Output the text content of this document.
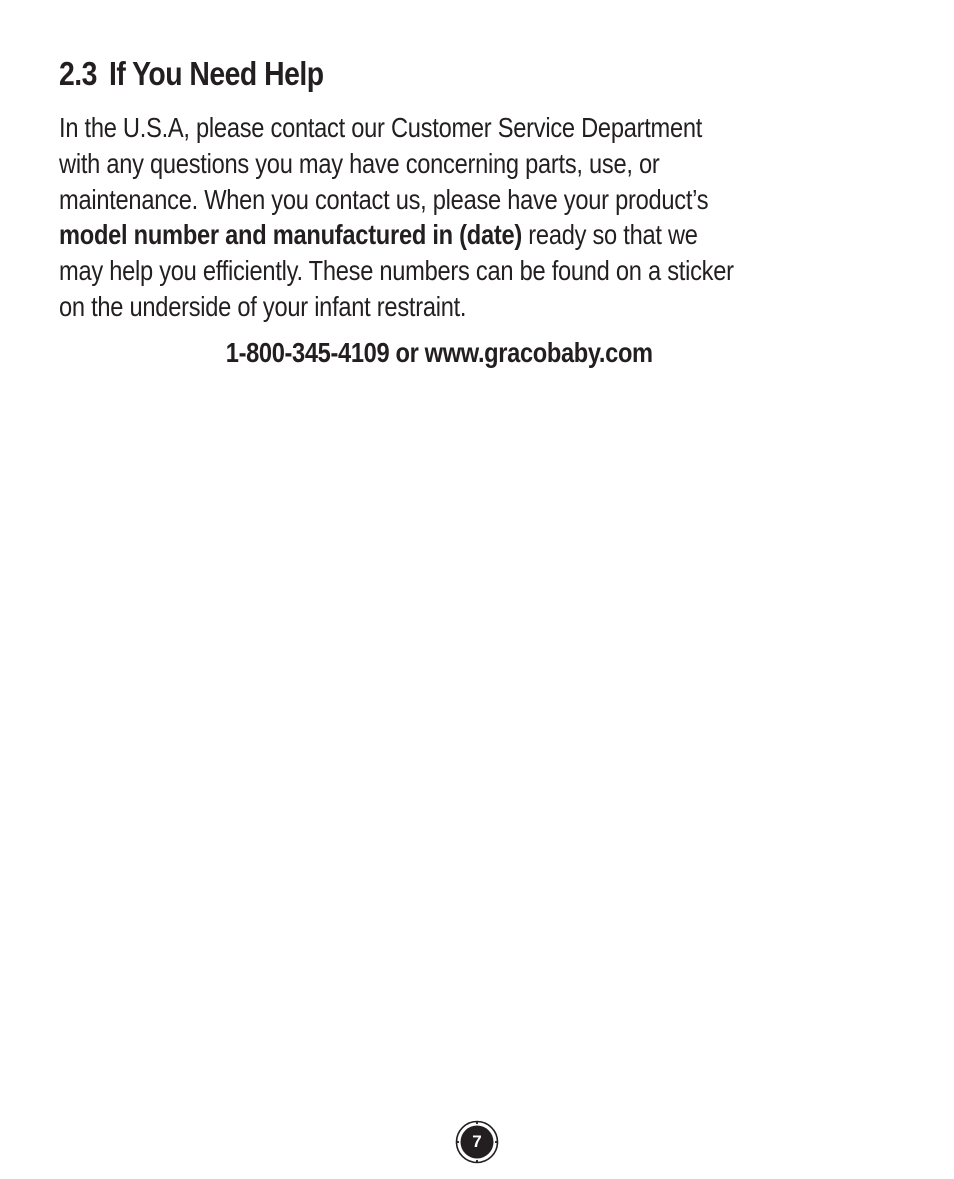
2.3 If You Need Help

In the U.S.A, please contact our Customer Service Department
with any questions you may have concerning parts, use, or
maintenance. When you contact us, please have your product’s
model number and manufactured in (date) ready so that we
may help you efficiently. These numbers can be found on a sticker
on the underside of your infant restraint.

1-800-345-4109 or www.gracobaby.com

7
